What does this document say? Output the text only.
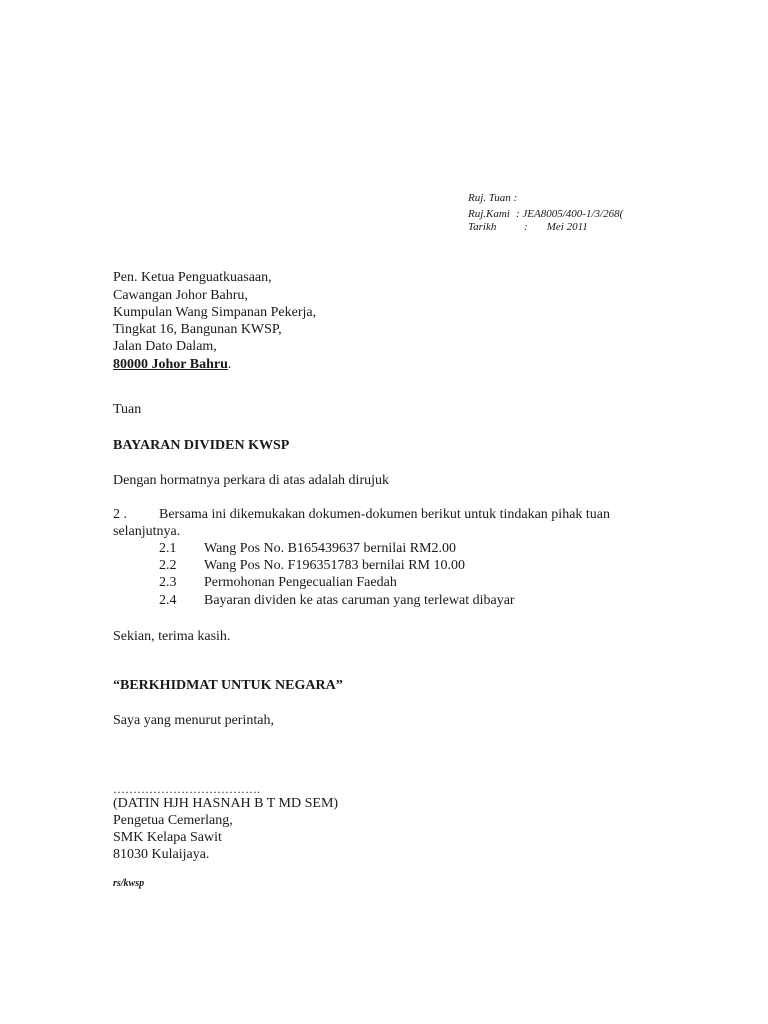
Ruj. Tuan :
Ruj.Kami : JEA8005/400-1/3/268(
Tarikh	: Mei 2011
Pen. Ketua Penguatkuasaan,
Cawangan Johor Bahru,
Kumpulan Wang Simpanan Pekerja,
Tingkat 16, Bangunan KWSP,
Jalan Dato Dalam,
80000 Johor Bahru.
Tuan
BAYARAN DIVIDEN KWSP
Dengan hormatnya perkara di atas adalah dirujuk
2 . Bersama ini dikemukakan dokumen-dokumen berikut untuk tindakan pihak tuan
selanjutnya.
2.1 Wang Pos No. B165439637 bernilai RM2.00
2.2 Wang Pos No. F196351783 bernilai RM 10.00
2.3 Permohonan Pengecualian Faedah
2.4 Bayaran dividen ke atas caruman yang terlewat dibayar
Sekian, terima kasih.
“BERKHIDMAT UNTUK NEGARA”
Saya yang menurut perintah,
……………………………….
(DATIN HJH HASNAH B T MD SEM)
Pengetua Cemerlang,
SMK Kelapa Sawit
81030 Kulaijaya.
rs/kwsp
